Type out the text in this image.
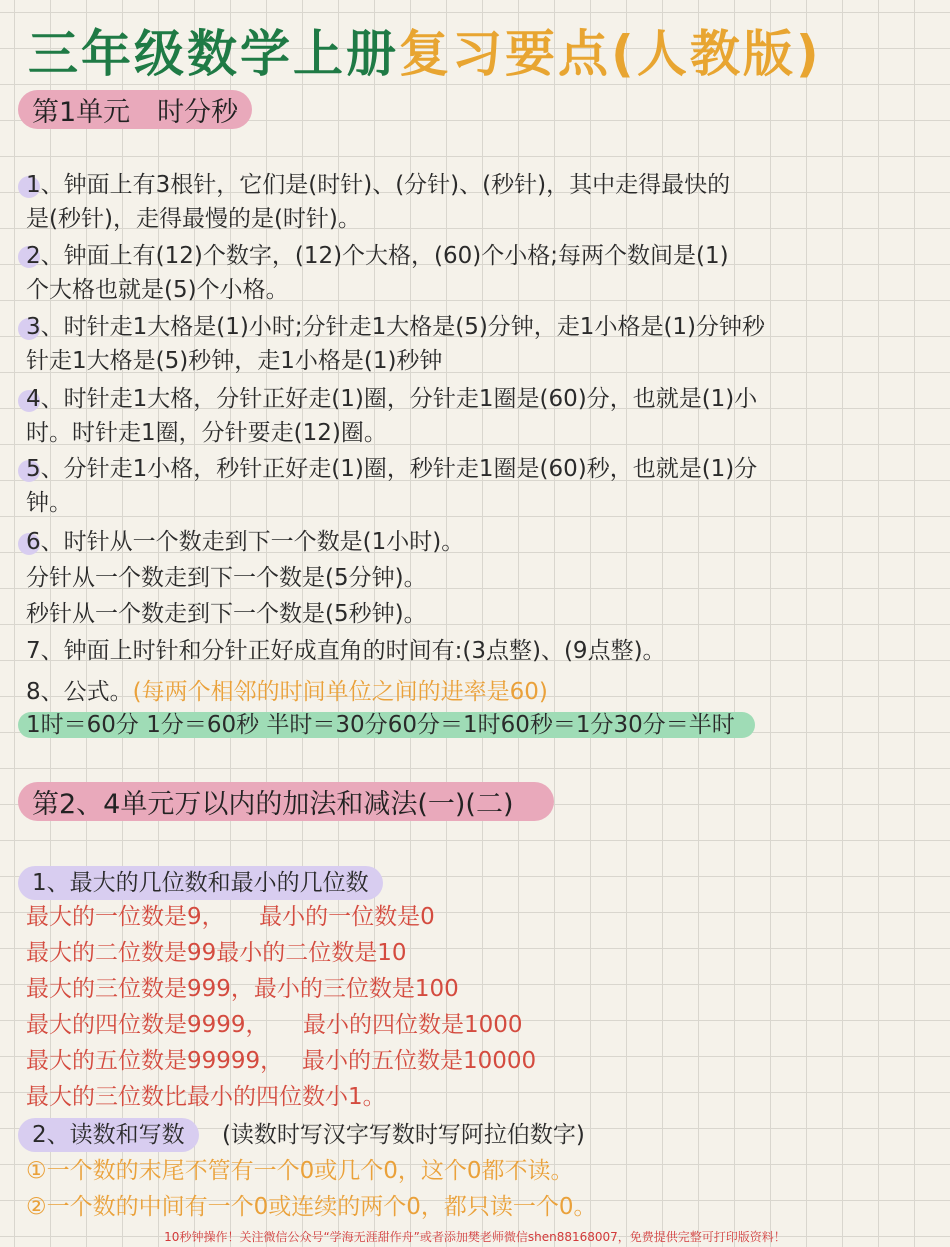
三年级数学上册复习要点(人教版)
第1单元　时分秒
1、钟面上有3根针，它们是(时针)、(分针)、(秒针)，其中走得最快的
是(秒针)，走得最慢的是(时针)。
2、钟面上有(12)个数字，(12)个大格，(60)个小格;每两个数间是(1)
个大格也就是(5)个小格。
3、时针走1大格是(1)小时;分针走1大格是(5)分钟，走1小格是(1)分钟秒
针走1大格是(5)秒钟，走1小格是(1)秒钟
4、时针走1大格，分针正好走(1)圈，分针走1圈是(60)分，也就是(1)小
时。时针走1圈，分针要走(12)圈。
5、分针走1小格，秒针正好走(1)圈，秒针走1圈是(60)秒，也就是(1)分
钟。
6、时针从一个数走到下一个数是(1小时)。
分针从一个数走到下一个数是(5分钟)。
秒针从一个数走到下一个数是(5秒钟)。
7、钟面上时针和分针正好成直角的时间有:(3点整)、(9点整)。
8、公式。(每两个相邻的时间单位之间的进率是60)
1时＝60分 1分＝60秒 半时＝30分60分＝1时60秒＝1分30分＝半时
第2、4单元万以内的加法和减法(一)(二)
1、最大的几位数和最小的几位数
最大的一位数是9，　　最小的一位数是0
最大的二位数是99最小的二位数是10
最大的三位数是999，最小的三位数是100
最大的四位数是9999，　　最小的四位数是1000
最大的五位数是99999，　 最小的五位数是10000
最大的三位数比最小的四位数小1。
2、读数和写数 (读数时写汉字写数时写阿拉伯数字)
①一个数的末尾不管有一个0或几个0，这个0都不读。
②一个数的中间有一个0或连续的两个0，都只读一个0。
10秒钟操作！关注微信公众号“学海无涯甜作舟”或者添加樊老师微信shen88168007，免费提供完整可打印版资料！
